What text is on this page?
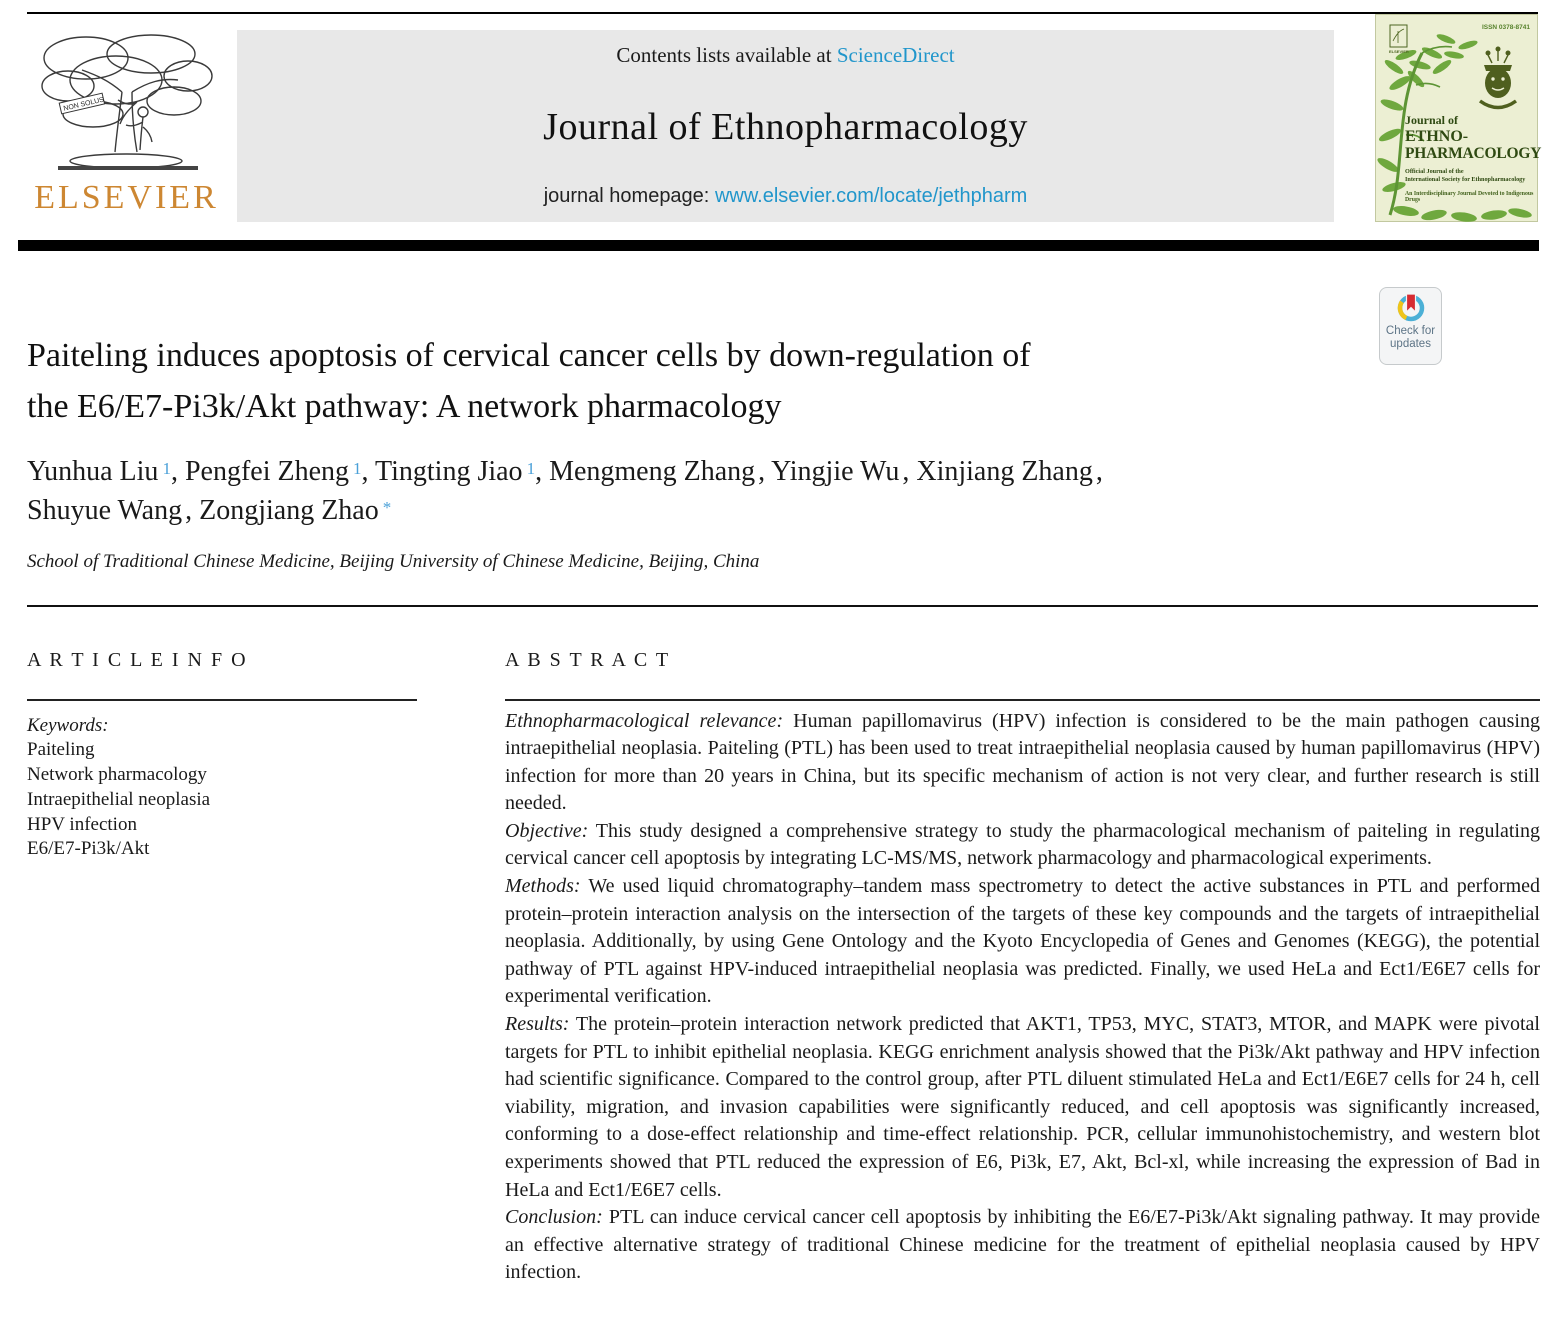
NON SOLUS
ELSEVIER
Contents lists available at ScienceDirect
Journal of Ethnopharmacology
journal homepage: www.elsevier.com/locate/jethpharm
ELSEVIER
ISSN 0378-8741
Journal of
ETHNO-
PHARMACOLOGY
Official Journal of the
International Society for Ethnopharmacology
An Interdisciplinary Journal Devoted to Indigenous Drugs
Paiteling induces apoptosis of cervical cancer cells by down-regulation of
the E6/E7-Pi3k/Akt pathway: A network pharmacology
Check for
updates
Yunhua Liu $^1$, Pengfei Zheng $^1$, Tingting Jiao $^1$, Mengmeng Zhang , Yingjie Wu , Xinjiang Zhang ,
Shuyue Wang , Zongjiang Zhao *
School of Traditional Chinese Medicine, Beijing University of Chinese Medicine, Beijing, China
A R T I C L E I N F O
Keywords:
Paiteling
Network pharmacology
Intraepithelial neoplasia
HPV infection
E6/E7-Pi3k/Akt
A B S T R A C T

Ethnopharmacological relevance: Human papillomavirus (HPV) infection is considered to be the main pathogen causing intraepithelial neoplasia. Paiteling (PTL) has been used to treat intraepithelial neoplasia caused by human papillomavirus (HPV) infection for more than 20 years in China, but its specific mechanism of action is not very clear, and further research is still needed.

Objective: This study designed a comprehensive strategy to study the pharmacological mechanism of paiteling in regulating cervical cancer cell apoptosis by integrating LC-MS/MS, network pharmacology and pharmacological experiments.

Methods: We used liquid chromatography–tandem mass spectrometry to detect the active substances in PTL and performed protein–protein interaction analysis on the intersection of the targets of these key compounds and the targets of intraepithelial neoplasia. Additionally, by using Gene Ontology and the Kyoto Encyclopedia of Genes and Genomes (KEGG), the potential pathway of PTL against HPV-induced intraepithelial neoplasia was predicted. Finally, we used HeLa and Ect1/E6E7 cells for experimental verification.

Results: The protein–protein interaction network predicted that AKT1, TP53, MYC, STAT3, MTOR, and MAPK were pivotal targets for PTL to inhibit epithelial neoplasia. KEGG enrichment analysis showed that the Pi3k/Akt pathway and HPV infection had scientific significance. Compared to the control group, after PTL diluent stimulated HeLa and Ect1/E6E7 cells for 24 h, cell viability, migration, and invasion capabilities were significantly reduced, and cell apoptosis was significantly increased, conforming to a dose-effect relationship and time-effect relationship. PCR, cellular immunohistochemistry, and western blot experiments showed that PTL reduced the expression of E6, Pi3k, E7, Akt, Bcl-xl, while increasing the expression of Bad in HeLa and Ect1/E6E7 cells.

Conclusion: PTL can induce cervical cancer cell apoptosis by inhibiting the E6/E7-Pi3k/Akt signaling pathway. It may provide an effective alternative strategy of traditional Chinese medicine for the treatment of epithelial neoplasia caused by HPV infection.
